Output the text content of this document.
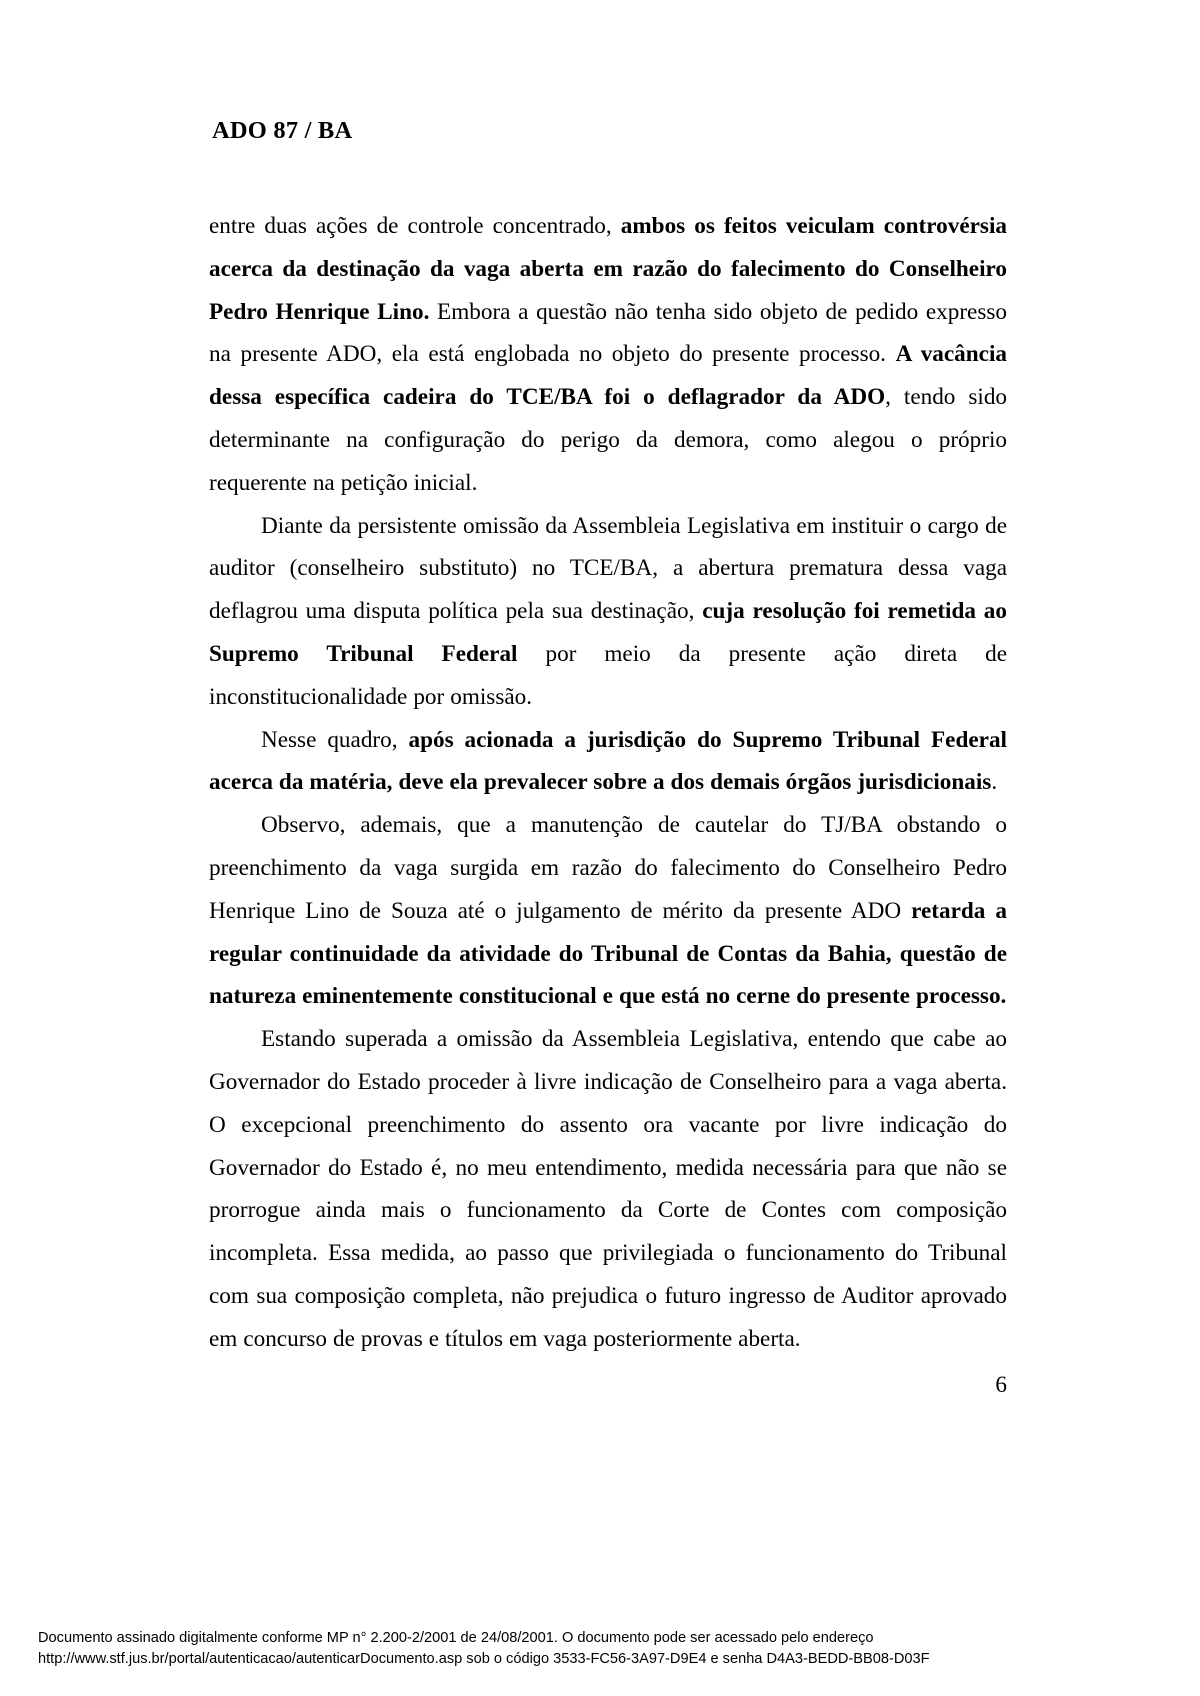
ADO 87 / BA

entre duas ações de controle concentrado, ambos os feitos veiculam controvérsia acerca da destinação da vaga aberta em razão do falecimento do Conselheiro Pedro Henrique Lino. Embora a questão não tenha sido objeto de pedido expresso na presente ADO, ela está englobada no objeto do presente processo. A vacância dessa específica cadeira do TCE/BA foi o deflagrador da ADO, tendo sido determinante na configuração do perigo da demora, como alegou o próprio requerente na petição inicial.

Diante da persistente omissão da Assembleia Legislativa em instituir o cargo de auditor (conselheiro substituto) no TCE/BA, a abertura prematura dessa vaga deflagrou uma disputa política pela sua destinação, cuja resolução foi remetida ao Supremo Tribunal Federal por meio da presente ação direta de inconstitucionalidade por omissão.

Nesse quadro, após acionada a jurisdição do Supremo Tribunal Federal acerca da matéria, deve ela prevalecer sobre a dos demais órgãos jurisdicionais.

Observo, ademais, que a manutenção de cautelar do TJ/BA obstando o preenchimento da vaga surgida em razão do falecimento do Conselheiro Pedro Henrique Lino de Souza até o julgamento de mérito da presente ADO retarda a regular continuidade da atividade do Tribunal de Contas da Bahia, questão de natureza eminentemente constitucional e que está no cerne do presente processo.

Estando superada a omissão da Assembleia Legislativa, entendo que cabe ao Governador do Estado proceder à livre indicação de Conselheiro para a vaga aberta. O excepcional preenchimento do assento ora vacante por livre indicação do Governador do Estado é, no meu entendimento, medida necessária para que não se prorrogue ainda mais o funcionamento da Corte de Contes com composição incompleta. Essa medida, ao passo que privilegiada o funcionamento do Tribunal com sua composição completa, não prejudica o futuro ingresso de Auditor aprovado em concurso de provas e títulos em vaga posteriormente aberta.

6
Documento assinado digitalmente conforme MP n° 2.200-2/2001 de 24/08/2001. O documento pode ser acessado pelo endereço
http://www.stf.jus.br/portal/autenticacao/autenticarDocumento.asp sob o código 3533-FC56-3A97-D9E4 e senha D4A3-BEDD-BB08-D03F
